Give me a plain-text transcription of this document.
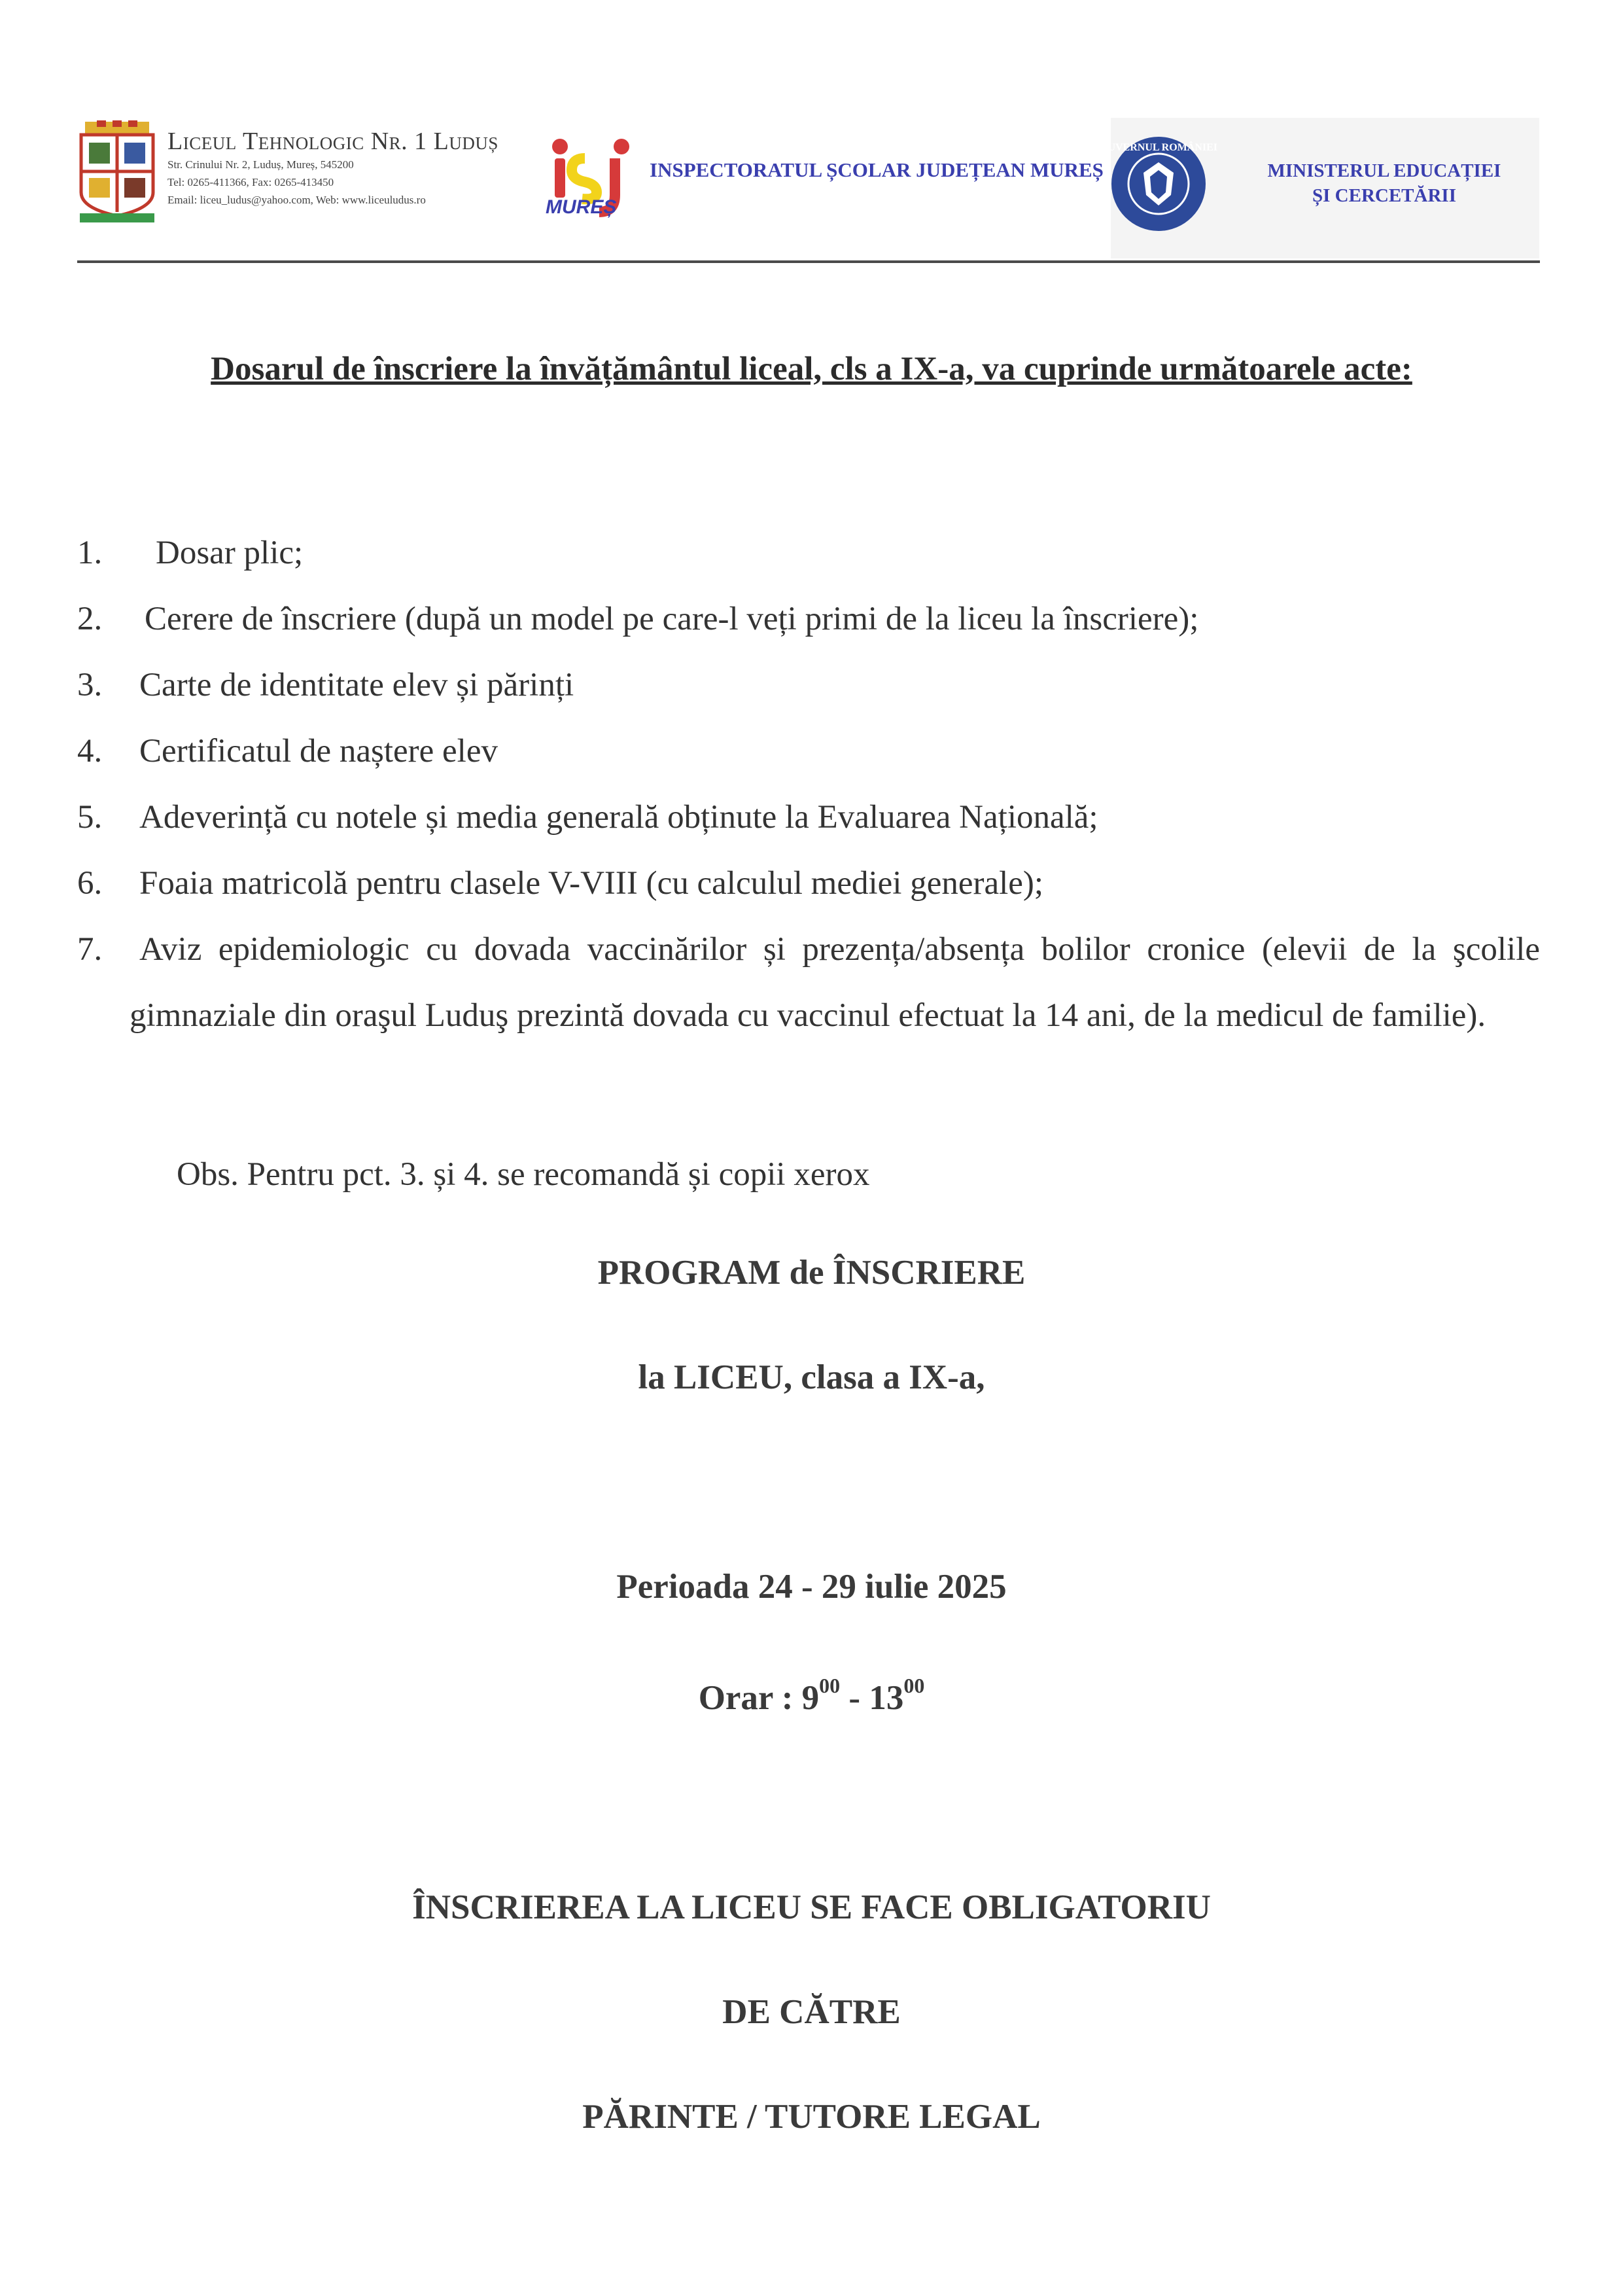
Liceul Tehnologic Nr. 1 Luduș
Str. Crinului Nr. 2, Luduș, Mureș, 545200
Tel: 0265-411366, Fax: 0265-413450
Email: liceu_ludus@yahoo.com, Web: www.liceuludus.ro	MUREȘ
INSPECTORATUL ȘCOLAR JUDEȚEAN MUREȘ
GUVERNUL ROMÂNIEI
MINISTERUL EDUCAȚIEI
ȘI CERCETĂRII
Dosarul de înscriere la învățământul liceal, cls a IX-a, va cuprinde următoarele acte:
1. Dosar plic;
2. Cerere de înscriere (după un model pe care-l veți primi de la liceu la înscriere);
3. Carte de identitate elev și părinți
4. Certificatul de naștere elev
5. Adeverință cu notele și media generală obținute la Evaluarea Națională;
6. Foaia matricolă pentru clasele V-VIII (cu calculul mediei generale);
7. Aviz epidemiologic cu dovada vaccinărilor și prezența/absența bolilor cronice (elevii de la şcolile gimnaziale din oraşul Luduş prezintă dovada cu vaccinul efectuat la 14 ani, de la medicul de familie).
Obs. Pentru pct. 3. și 4. se recomandă și copii xerox
PROGRAM de ÎNSCRIERE
la LICEU, clasa a IX-a,
Perioada 24 - 29 iulie 2025
Orar : $9^{00} - 13^{00}$
ÎNSCRIEREA LA LICEU SE FACE OBLIGATORIU
DE CĂTRE
PĂRINTE / TUTORE LEGAL
